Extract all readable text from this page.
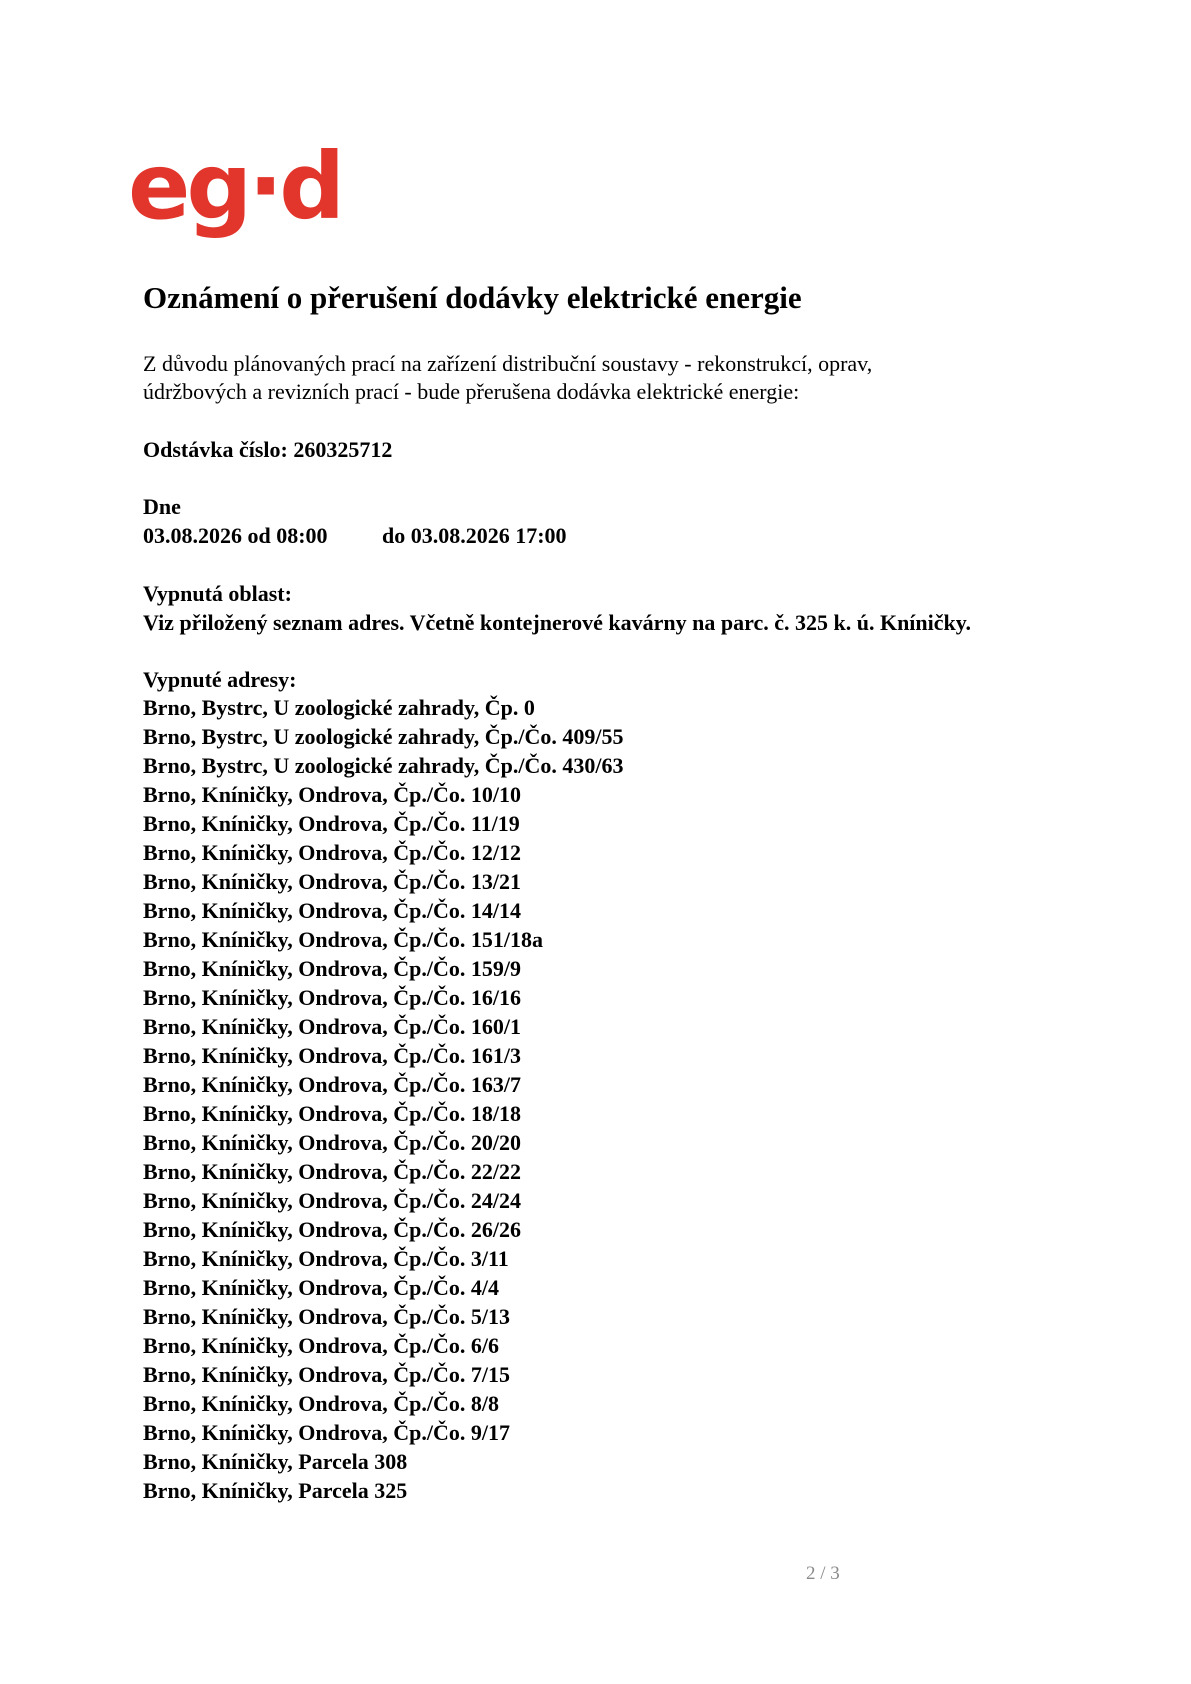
eg·d
Oznámení o přerušení dodávky elektrické energie

Z důvodu plánovaných prací na zařízení distribuční soustavy - rekonstrukcí, oprav,
údržbových a revizních prací - bude přerušena dodávka elektrické energie:

Odstávka číslo: 260325712
Dne
03.08.2026 od 08:00 do 03.08.2026 17:00
Vypnutá oblast:
Viz přiložený seznam adres. Včetně kontejnerové kavárny na parc. č. 325 k. ú. Kníničky.
Vypnuté adresy:
Brno, Bystrc, U zoologické zahrady, Čp. 0
Brno, Bystrc, U zoologické zahrady, Čp./Čo. 409/55
Brno, Bystrc, U zoologické zahrady, Čp./Čo. 430/63
Brno, Kníničky, Ondrova, Čp./Čo. 10/10
Brno, Kníničky, Ondrova, Čp./Čo. 11/19
Brno, Kníničky, Ondrova, Čp./Čo. 12/12
Brno, Kníničky, Ondrova, Čp./Čo. 13/21
Brno, Kníničky, Ondrova, Čp./Čo. 14/14
Brno, Kníničky, Ondrova, Čp./Čo. 151/18a
Brno, Kníničky, Ondrova, Čp./Čo. 159/9
Brno, Kníničky, Ondrova, Čp./Čo. 16/16
Brno, Kníničky, Ondrova, Čp./Čo. 160/1
Brno, Kníničky, Ondrova, Čp./Čo. 161/3
Brno, Kníničky, Ondrova, Čp./Čo. 163/7
Brno, Kníničky, Ondrova, Čp./Čo. 18/18
Brno, Kníničky, Ondrova, Čp./Čo. 20/20
Brno, Kníničky, Ondrova, Čp./Čo. 22/22
Brno, Kníničky, Ondrova, Čp./Čo. 24/24
Brno, Kníničky, Ondrova, Čp./Čo. 26/26
Brno, Kníničky, Ondrova, Čp./Čo. 3/11
Brno, Kníničky, Ondrova, Čp./Čo. 4/4
Brno, Kníničky, Ondrova, Čp./Čo. 5/13
Brno, Kníničky, Ondrova, Čp./Čo. 6/6
Brno, Kníničky, Ondrova, Čp./Čo. 7/15
Brno, Kníničky, Ondrova, Čp./Čo. 8/8
Brno, Kníničky, Ondrova, Čp./Čo. 9/17
Brno, Kníničky, Parcela 308
Brno, Kníničky, Parcela 325
2 / 3
